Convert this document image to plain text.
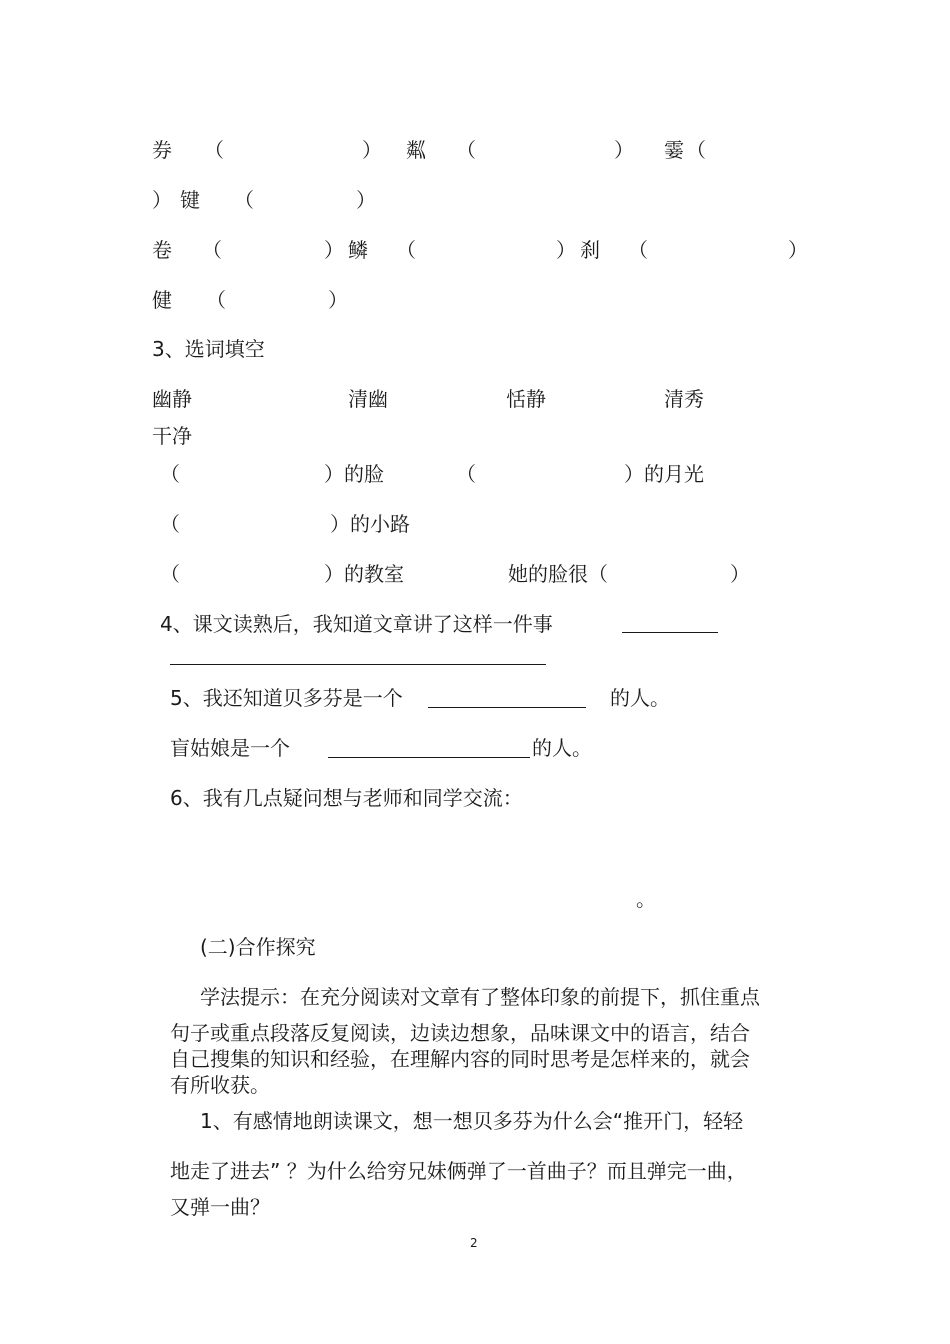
券 （	） 粼 （	） 霎 （
） 键 （	）
卷 （	） 鳞 （	） 刹 （	）
健 （	）
3、选词填空
幽静	清幽	恬静	清秀
干净
（	）的脸	（	）的月光
（	）的小路
（	）的教室	她的脸很（	）
4、课文读熟后，我知道文章讲了这样一件事
5、我还知道贝多芬是一个	的人。
盲姑娘是一个	的人。
6、我有几点疑问想与老师和同学交流：
。
(二)合作探究
学法提示：在充分阅读对文章有了整体印象的前提下，抓住重点
句子或重点段落反复阅读，边读边想象，品味课文中的语言，结合
自己搜集的知识和经验，在理解内容的同时思考是怎样来的，就会
有所收获。
1、有感情地朗读课文，想一想贝多芬为什么会“推开门，轻轻
地走了进去” ？为什么给穷兄妹俩弹了一首曲子？而且弹完一曲，
又弹一曲？
2
